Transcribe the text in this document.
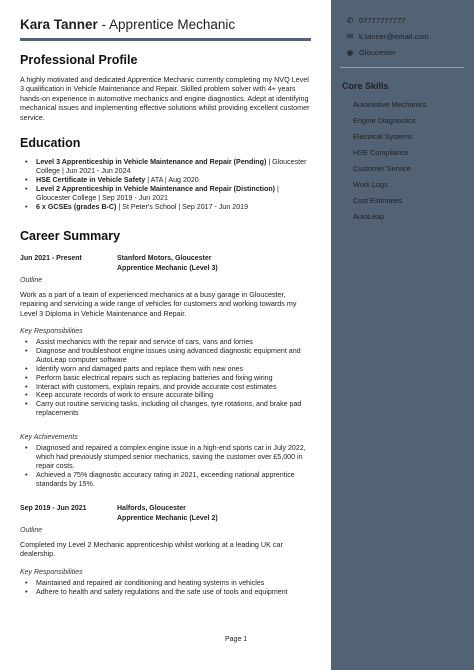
Kara Tanner - Apprentice Mechanic
Professional Profile
A highly motivated and dedicated Apprentice Mechanic currently completing my NVQ Level 3 qualification in Vehicle Maintenance and Repair. Skilled problem solver with 4+ years hands-on experience in automotive mechanics and engine diagnostics. Adept at identifying mechanical issues and implementing effective solutions whilst providing excellent customer service.
Education
• Level 3 Apprenticeship in Vehicle Maintenance and Repair (Pending) | Gloucester College | Jun 2021 - Jun 2024
• HSE Certificate in Vehicle Safety | ATA | Aug 2020
• Level 2 Apprenticeship in Vehicle Maintenance and Repair (Distinction) | Gloucester College | Sep 2019 - Jun 2021
• 6 x GCSEs (grades B-C) | St Peter's School | Sep 2017 - Jun 2019
Career Summary
Jun 2021 - Present	Stanford Motors, Gloucester
Apprentice Mechanic (Level 3)
Outline
Work as a part of a team of experienced mechanics at a busy garage in Gloucester, repairing and servicing a wide range of vehicles for customers and working towards my Level 3 Diploma in Vehicle Maintenance and Repair.
Key Responsibilities
• Assist mechanics with the repair and service of cars, vans and lorries
• Diagnose and troubleshoot engine issues using advanced diagnostic equipment and AutoLeap computer software
• Identify worn and damaged parts and replace them with new ones
• Perform basic electrical repairs such as replacing batteries and fixing wiring
• Interact with customers, explain repairs, and provide accurate cost estimates
• Keep accurate records of work to ensure accurate billing
• Carry out routine servicing tasks, including oil changes, tyre rotations, and brake pad replacements
Key Achievements
• Diagnosed and repaired a complex engine issue in a high-end sports car in July 2022, which had previously stumped senior mechanics, saving the customer over £5,000 in repair costs.
• Achieved a 75% diagnostic accuracy rating in 2021, exceeding national apprentice standards by 15%.
Sep 2019 - Jun 2021	Halfords, Gloucester
Apprentice Mechanic (Level 2)
Outline
Completed my Level 2 Mechanic apprenticeship whilst working at a leading UK car dealership.
Key Responsibilities
• Maintained and repaired air conditioning and heating systems in vehicles
• Adhere to health and safety regulations and the safe use of tools and equipment
Page 1
✆ 07777777777
✉ k.tanner@email.com
◉ Gloucester
Core Skills
Automotive Mechanics
Engine Diagnostics
Electrical Systems
HSE Compliance
Customer Service
Work Logs
Cost Estimates
AutoLeap
